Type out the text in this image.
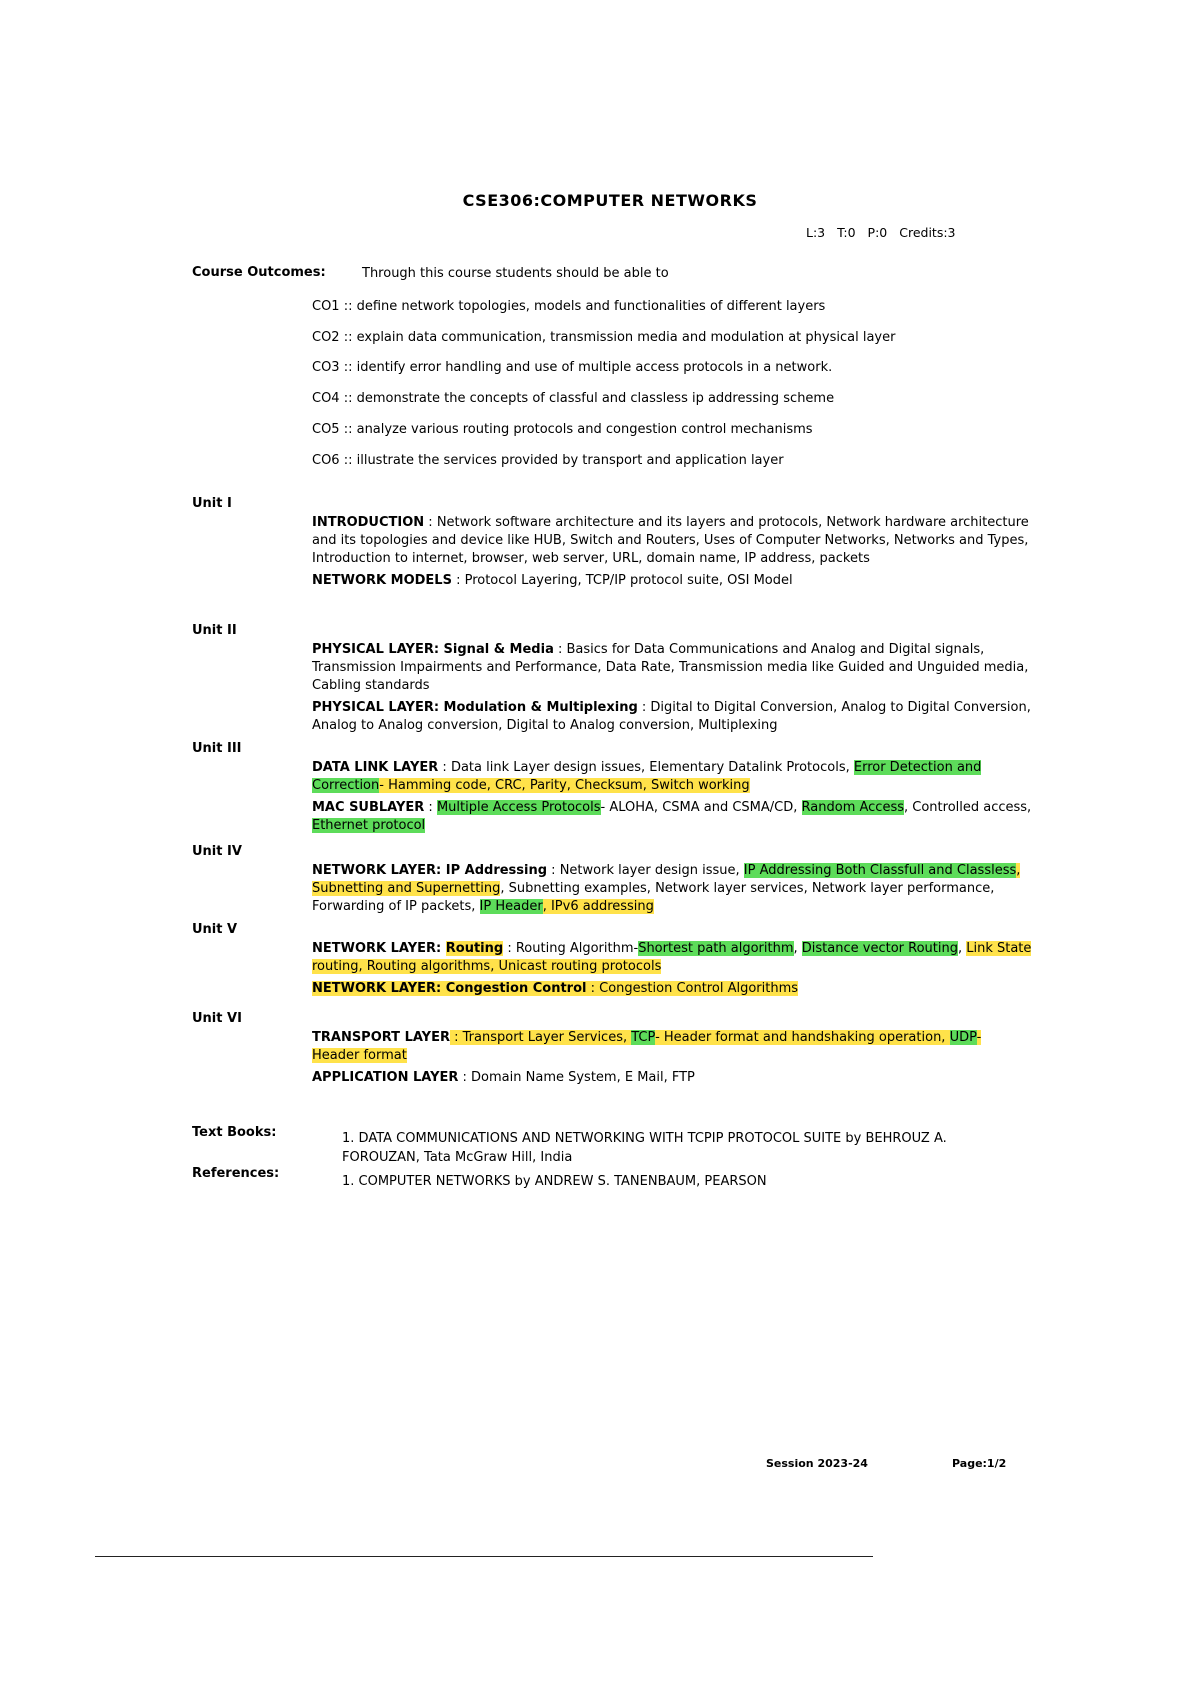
CSE306:COMPUTER NETWORKS
L:3 T:0 P:0 Credits:3
Course Outcomes:	Through this course students should be able to
CO1 :: define network topologies, models and functionalities of different layers
CO2 :: explain data communication, transmission media and modulation at physical layer
CO3 :: identify error handling and use of multiple access protocols in a network.
CO4 :: demonstrate the concepts of classful and classless ip addressing scheme
CO5 :: analyze various routing protocols and congestion control mechanisms
CO6 :: illustrate the services provided by transport and application layer
Unit I

INTRODUCTION : Network software architecture and its layers and protocols, Network hardware architecture and its topologies and device like HUB, Switch and Routers, Uses of Computer Networks, Networks and Types, Introduction to internet, browser, web server, URL, domain name, IP address, packets

NETWORK MODELS : Protocol Layering, TCP/IP protocol suite, OSI Model

Unit II

PHYSICAL LAYER: Signal & Media : Basics for Data Communications and Analog and Digital signals, Transmission Impairments and Performance, Data Rate, Transmission media like Guided and Unguided media, Cabling standards

PHYSICAL LAYER: Modulation & Multiplexing : Digital to Digital Conversion, Analog to Digital Conversion, Analog to Analog conversion, Digital to Analog conversion, Multiplexing

Unit III

DATA LINK LAYER : Data link Layer design issues, Elementary Datalink Protocols, Error Detection and Correction- Hamming code, CRC, Parity, Checksum, Switch working

MAC SUBLAYER : Multiple Access Protocols- ALOHA, CSMA and CSMA/CD, Random Access, Controlled access, Ethernet protocol

Unit IV

NETWORK LAYER: IP Addressing : Network layer design issue, IP Addressing Both Classfull and Classless, Subnetting and Supernetting, Subnetting examples, Network layer services, Network layer performance, Forwarding of IP packets, IP Header, IPv6 addressing

Unit V

NETWORK LAYER: Routing : Routing Algorithm-Shortest path algorithm, Distance vector Routing, Link State routing, Routing algorithms, Unicast routing protocols

NETWORK LAYER: Congestion Control : Congestion Control Algorithms

Unit VI

TRANSPORT LAYER : Transport Layer Services, TCP- Header format and handshaking operation, UDP- Header format

APPLICATION LAYER : Domain Name System, E Mail, FTP

Text Books:	1. DATA COMMUNICATIONS AND NETWORKING WITH TCPIP PROTOCOL SUITE by BEHROUZ A. FOROUZAN, Tata McGraw Hill, India
References:
1. COMPUTER NETWORKS by ANDREW S. TANENBAUM, PEARSON
Session 2023-24	Page:1/2
